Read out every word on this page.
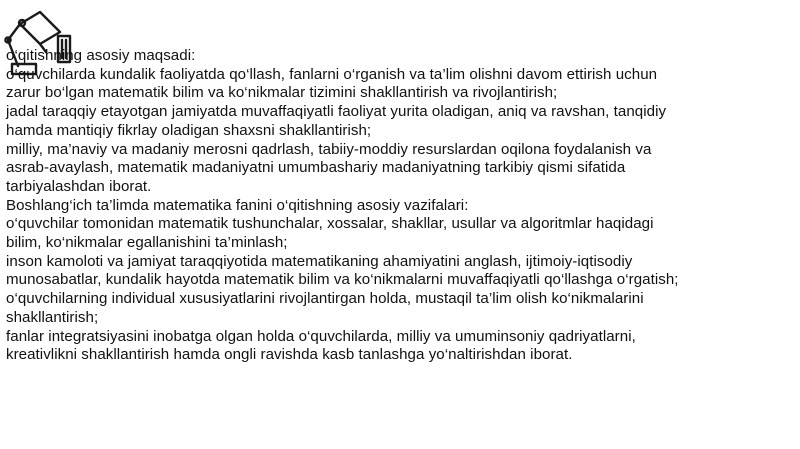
o‘qitishning asosiy maqsadi:
o‘quvchilarda kundalik faoliyatda qo‘llash, fanlarni o‘rganish va ta’lim olishni davom ettirish uchun
zarur bo‘lgan matematik bilim va ko‘nikmalar tizimini shakllantirish va rivojlantirish;
jadal taraqqiy etayotgan jamiyatda muvaffaqiyatli faoliyat yurita oladigan, aniq va ravshan, tanqidiy
hamda mantiqiy fikrlay oladigan shaxsni shakllantirish;
milliy, ma’naviy va madaniy merosni qadrlash, tabiiy-moddiy resurslardan oqilona foydalanish va
asrab-avaylash, matematik madaniyatni umumbashariy madaniyatning tarkibiy qismi sifatida
tarbiyalashdan iborat.
Boshlang‘ich ta’limda matematika fanini o‘qitishning asosiy vazifalari:
o‘quvchilar tomonidan matematik tushunchalar, xossalar, shakllar, usullar va algoritmlar haqidagi
bilim, ko‘nikmalar egallanishini ta’minlash;
inson kamoloti va jamiyat taraqqiyotida matematikaning ahamiyatini anglash, ijtimoiy-iqtisodiy
munosabatlar, kundalik hayotda matematik bilim va ko‘nikmalarni muvaffaqiyatli qo‘llashga o‘rgatish;
o‘quvchilarning individual xususiyatlarini rivojlantirgan holda, mustaqil ta’lim olish ko‘nikmalarini
shakllantirish;
fanlar integratsiyasini inobatga olgan holda o‘quvchilarda, milliy va umuminsoniy qadriyatlarni,
kreativlikni shakllantirish hamda ongli ravishda kasb tanlashga yo‘naltirishdan iborat.
